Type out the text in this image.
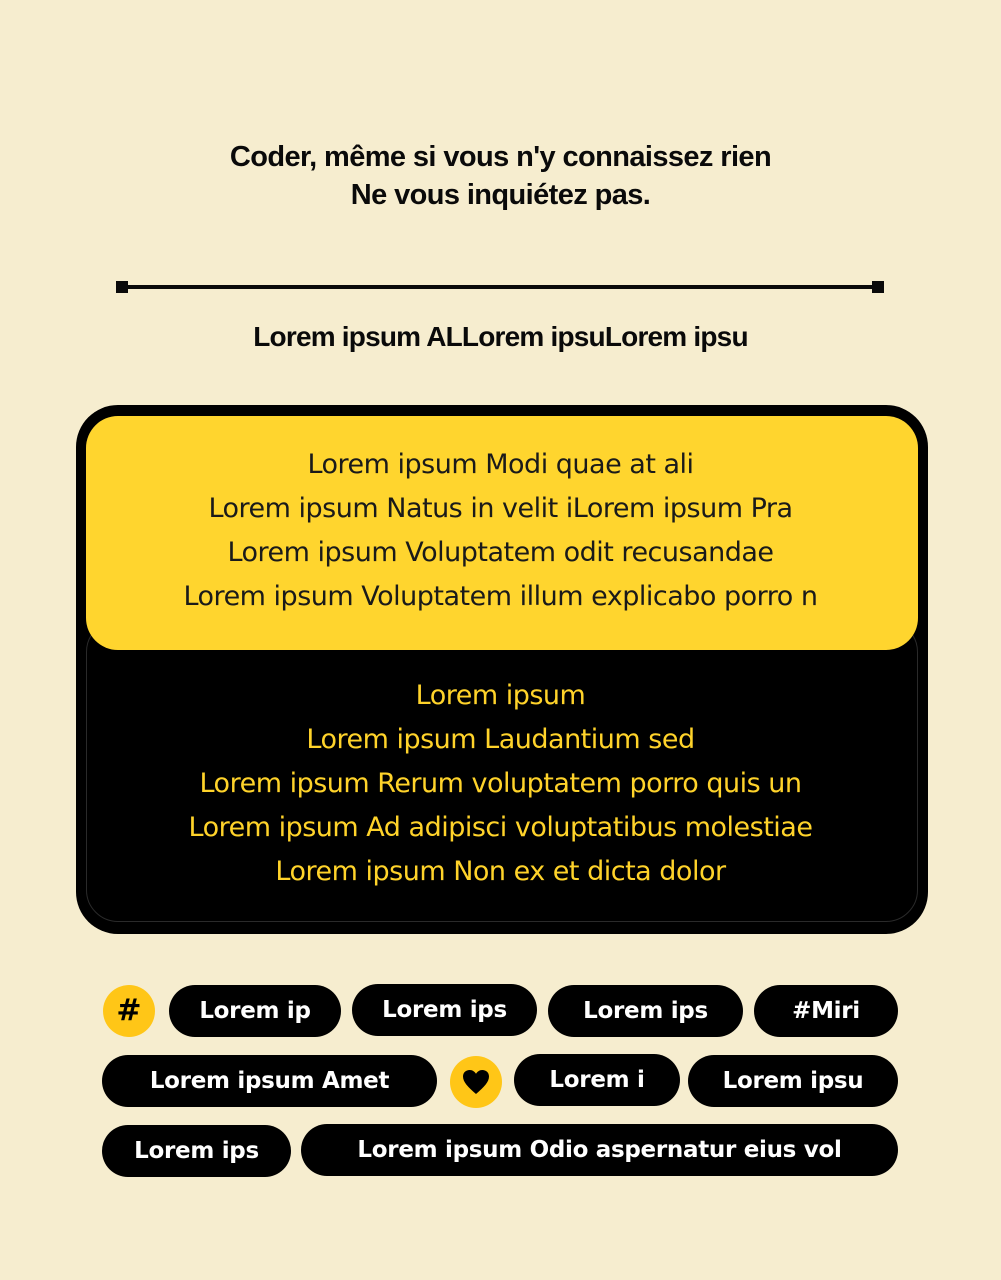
Coder, même si vous n'y connaissez rien
Ne vous inquiétez pas.
Lorem ipsum ALLorem ipsuLorem ipsu
Lorem ipsum Modi quae at ali
Lorem ipsum Natus in velit iLorem ipsum Pra
Lorem ipsum Voluptatem odit recusandae
Lorem ipsum Voluptatem illum explicabo porro n
Lorem ipsum
Lorem ipsum Laudantium sed
Lorem ipsum Rerum voluptatem porro quis un
Lorem ipsum Ad adipisci voluptatibus molestiae
Lorem ipsum Non ex et dicta dolor
#	Lorem ip	Lorem ips	Lorem ips	#Miri
Lorem ipsum Amet	Lorem i	Lorem ipsu
Lorem ips	Lorem ipsum Odio aspernatur eius vol
